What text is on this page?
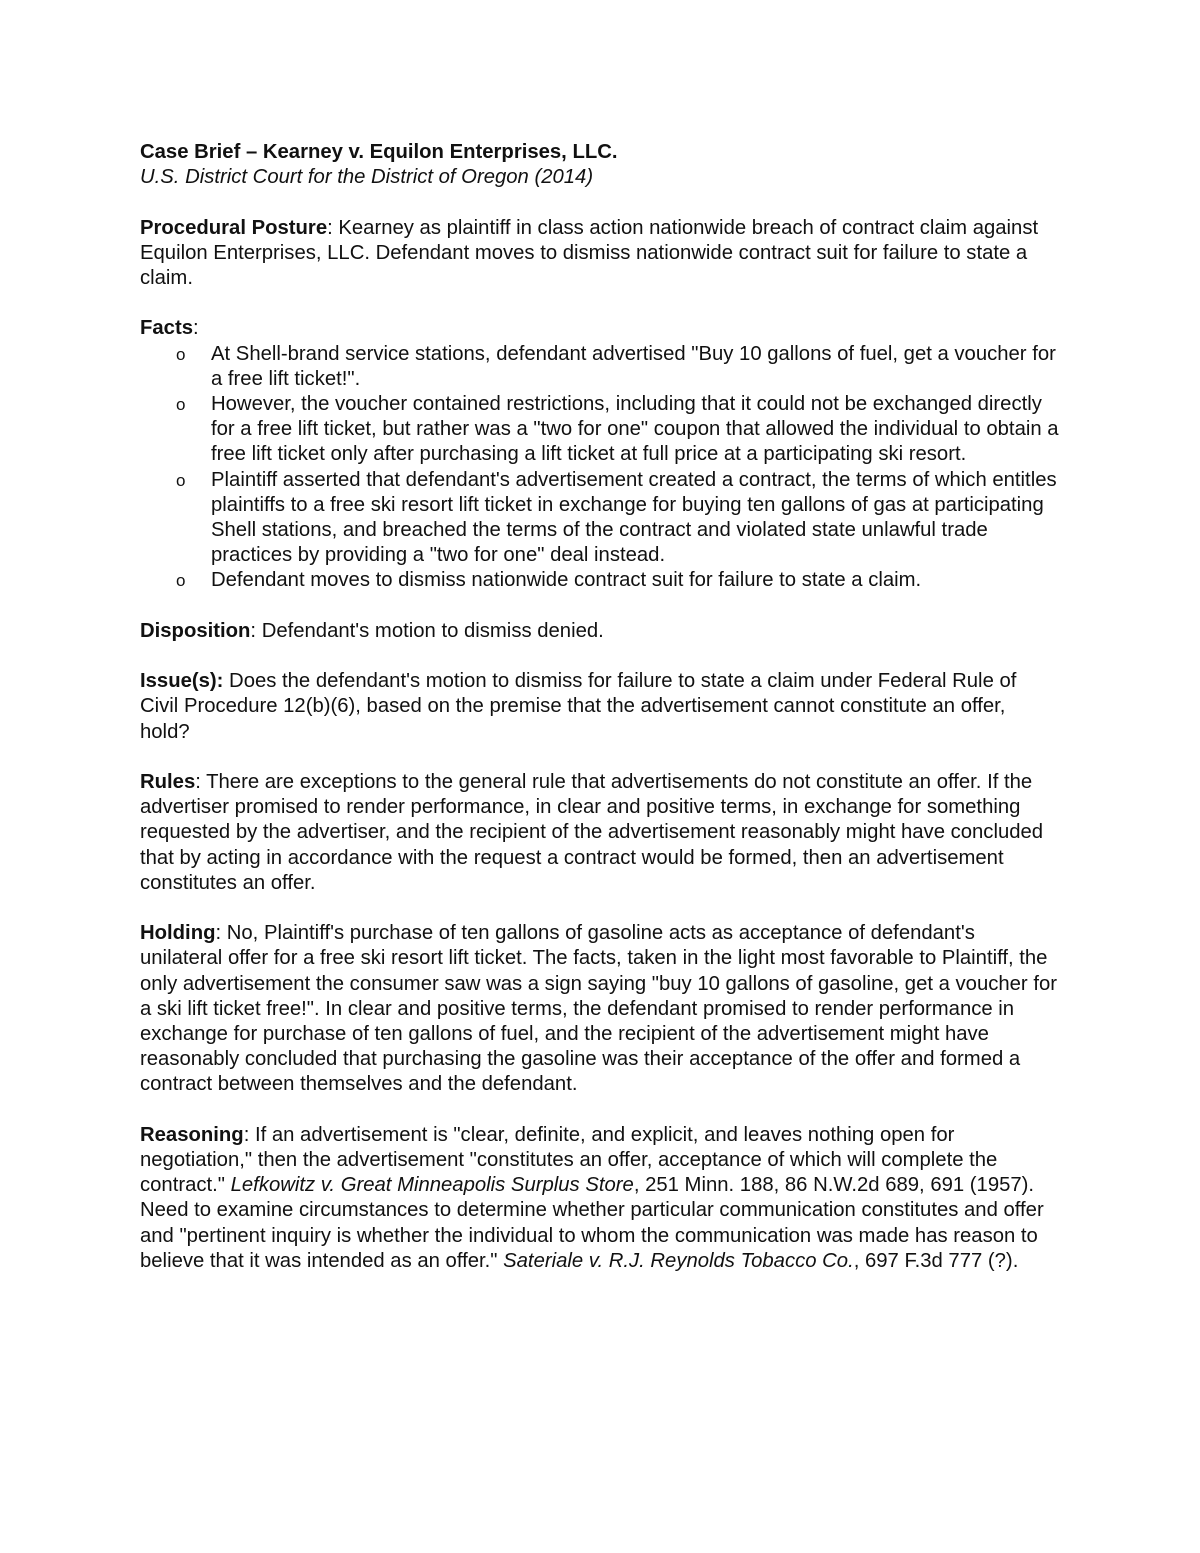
Case Brief – Kearney v. Equilon Enterprises, LLC.

U.S. District Court for the District of Oregon (2014)

Procedural Posture: Kearney as plaintiff in class action nationwide breach of contract claim against Equilon Enterprises, LLC. Defendant moves to dismiss nationwide contract suit for failure to state a claim.

Facts:
o At Shell-brand service stations, defendant advertised "Buy 10 gallons of fuel, get a voucher for a free lift ticket!".
o However, the voucher contained restrictions, including that it could not be exchanged directly for a free lift ticket, but rather was a "two for one" coupon that allowed the individual to obtain a free lift ticket only after purchasing a lift ticket at full price at a participating ski resort.
o Plaintiff asserted that defendant's advertisement created a contract, the terms of which entitles plaintiffs to a free ski resort lift ticket in exchange for buying ten gallons of gas at participating Shell stations, and breached the terms of the contract and violated state unlawful trade practices by providing a "two for one" deal instead.
o Defendant moves to dismiss nationwide contract suit for failure to state a claim.

Disposition: Defendant's motion to dismiss denied.

Issue(s): Does the defendant's motion to dismiss for failure to state a claim under Federal Rule of Civil Procedure 12(b)(6), based on the premise that the advertisement cannot constitute an offer, hold?

Rules: There are exceptions to the general rule that advertisements do not constitute an offer. If the advertiser promised to render performance, in clear and positive terms, in exchange for something requested by the advertiser, and the recipient of the advertisement reasonably might have concluded that by acting in accordance with the request a contract would be formed, then an advertisement constitutes an offer.

Holding: No, Plaintiff's purchase of ten gallons of gasoline acts as acceptance of defendant's unilateral offer for a free ski resort lift ticket. The facts, taken in the light most favorable to Plaintiff, the only advertisement the consumer saw was a sign saying "buy 10 gallons of gasoline, get a voucher for a ski lift ticket free!". In clear and positive terms, the defendant promised to render performance in exchange for purchase of ten gallons of fuel, and the recipient of the advertisement might have reasonably concluded that purchasing the gasoline was their acceptance of the offer and formed a contract between themselves and the defendant.

Reasoning: If an advertisement is "clear, definite, and explicit, and leaves nothing open for negotiation," then the advertisement "constitutes an offer, acceptance of which will complete the contract." Lefkowitz v. Great Minneapolis Surplus Store, 251 Minn. 188, 86 N.W.2d 689, 691 (1957). Need to examine circumstances to determine whether particular communication constitutes and offer and "pertinent inquiry is whether the individual to whom the communication was made has reason to believe that it was intended as an offer." Sateriale v. R.J. Reynolds Tobacco Co., 697 F.3d 777 (?).
